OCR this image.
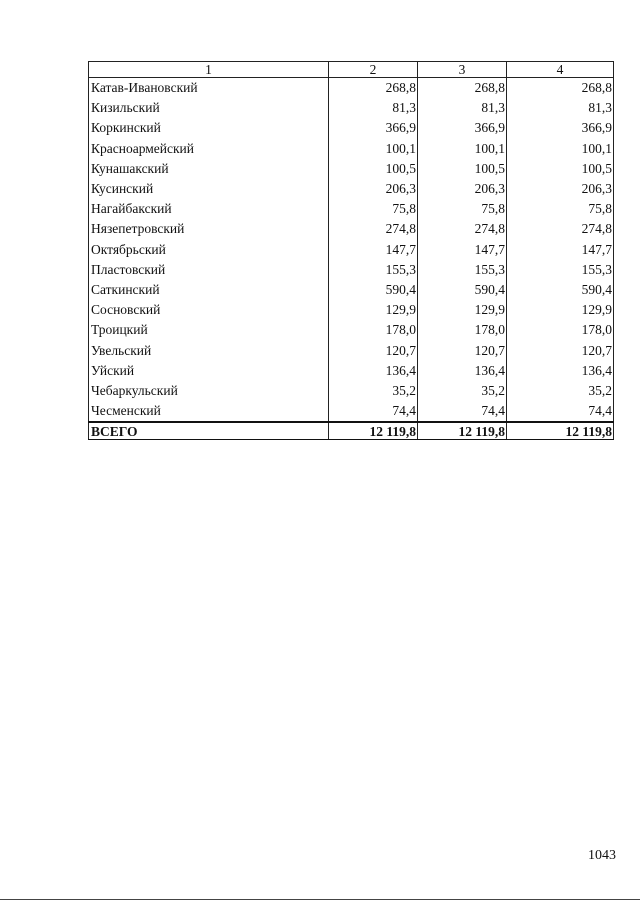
1	2	3	4
Катав-Ивановский	268,8	268,8	268,8
Кизильский	81,3	81,3	81,3
Коркинский	366,9	366,9	366,9
Красноармейский	100,1	100,1	100,1
Кунашакский	100,5	100,5	100,5
Кусинский	206,3	206,3	206,3
Нагайбакский	75,8	75,8	75,8
Нязепетровский	274,8	274,8	274,8
Октябрьский	147,7	147,7	147,7
Пластовский	155,3	155,3	155,3
Саткинский	590,4	590,4	590,4
Сосновский	129,9	129,9	129,9
Троицкий	178,0	178,0	178,0
Увельский	120,7	120,7	120,7
Уйский	136,4	136,4	136,4
Чебаркульский	35,2	35,2	35,2
Чесменский	74,4	74,4	74,4
ВСЕГО	12 119,8	12 119,8	12 119,8
1043
